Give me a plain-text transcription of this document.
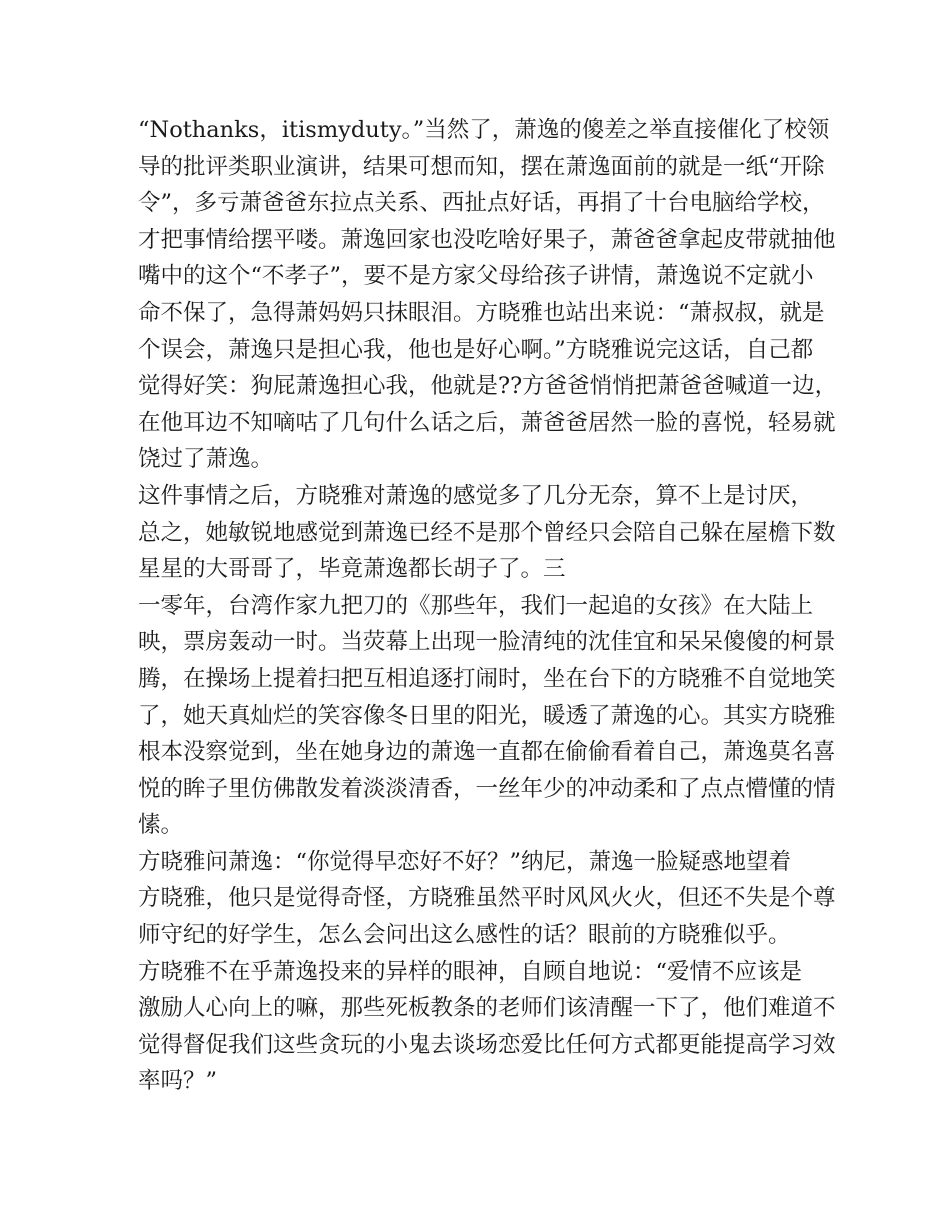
“Nothanks，itismyduty。”当然了，萧逸的傻差之举直接催化了校领
导的批评类职业演讲，结果可想而知，摆在萧逸面前的就是一纸“开除
令”，多亏萧爸爸东拉点关系、西扯点好话，再捐了十台电脑给学校，
才把事情给摆平喽。萧逸回家也没吃啥好果子，萧爸爸拿起皮带就抽他
嘴中的这个“不孝子”，要不是方家父母给孩子讲情，萧逸说不定就小
命不保了，急得萧妈妈只抹眼泪。方晓雅也站出来说：“萧叔叔，就是
个误会，萧逸只是担心我，他也是好心啊。”方晓雅说完这话，自己都
觉得好笑：狗屁萧逸担心我，他就是??方爸爸悄悄把萧爸爸喊道一边，
在他耳边不知嘀咕了几句什么话之后，萧爸爸居然一脸的喜悦，轻易就
饶过了萧逸。
这件事情之后，方晓雅对萧逸的感觉多了几分无奈，算不上是讨厌，
总之，她敏锐地感觉到萧逸已经不是那个曾经只会陪自己躲在屋檐下数
星星的大哥哥了，毕竟萧逸都长胡子了。三
一零年，台湾作家九把刀的《那些年，我们一起追的女孩》在大陆上
映，票房轰动一时。当荧幕上出现一脸清纯的沈佳宜和呆呆傻傻的柯景
腾，在操场上提着扫把互相追逐打闹时，坐在台下的方晓雅不自觉地笑
了，她天真灿烂的笑容像冬日里的阳光，暖透了萧逸的心。其实方晓雅
根本没察觉到，坐在她身边的萧逸一直都在偷偷看着自己，萧逸莫名喜
悦的眸子里仿佛散发着淡淡清香，一丝年少的冲动柔和了点点懵懂的情
愫。
方晓雅问萧逸：“你觉得早恋好不好？”纳尼，萧逸一脸疑惑地望着
方晓雅，他只是觉得奇怪，方晓雅虽然平时风风火火，但还不失是个尊
师守纪的好学生，怎么会问出这么感性的话？眼前的方晓雅似乎。
方晓雅不在乎萧逸投来的异样的眼神，自顾自地说：“爱情不应该是
激励人心向上的嘛，那些死板教条的老师们该清醒一下了，他们难道不
觉得督促我们这些贪玩的小鬼去谈场恋爱比任何方式都更能提高学习效
率吗？”
